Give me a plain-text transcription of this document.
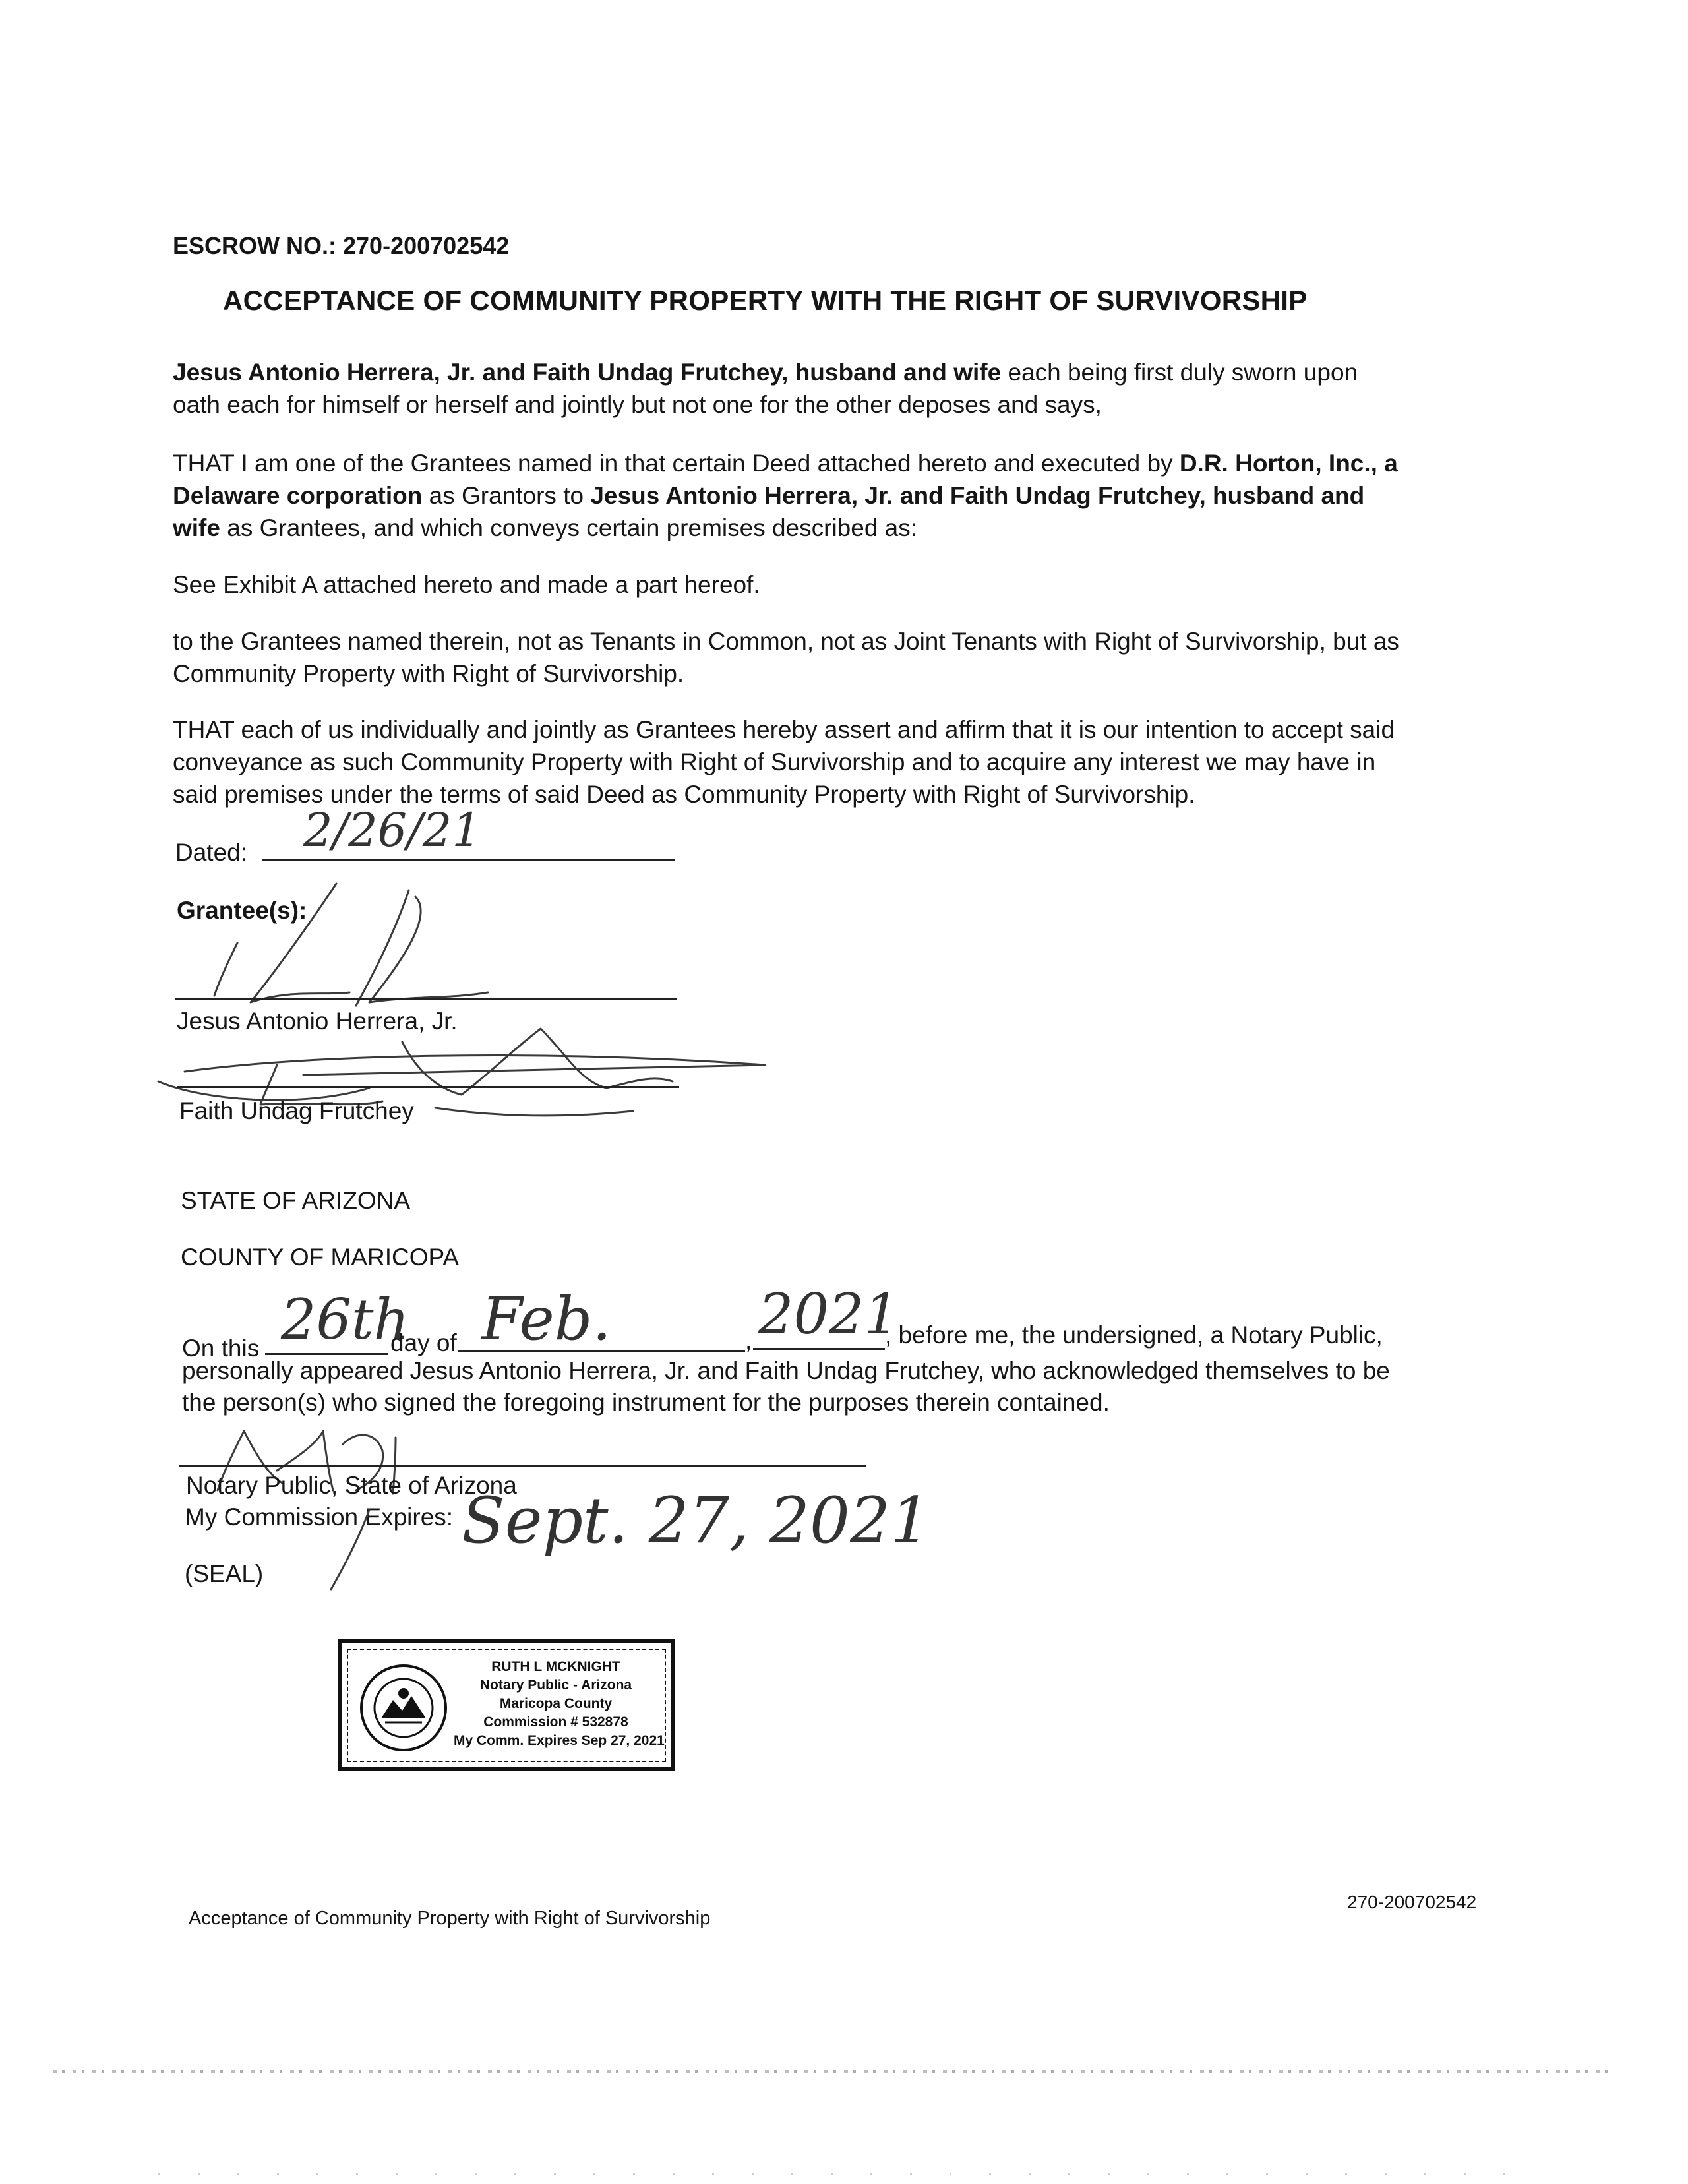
ESCROW NO.: 270-200702542
ACCEPTANCE OF COMMUNITY PROPERTY WITH THE RIGHT OF SURVIVORSHIP

Jesus Antonio Herrera, Jr. and Faith Undag Frutchey, husband and wife each being first duly sworn upon

oath each for himself or herself and jointly but not one for the other deposes and says,

THAT I am one of the Grantees named in that certain Deed attached hereto and executed by D.R. Horton, Inc., a

Delaware corporation as Grantors to Jesus Antonio Herrera, Jr. and Faith Undag Frutchey, husband and

wife as Grantees, and which conveys certain premises described as:

See Exhibit A attached hereto and made a part hereof.

to the Grantees named therein, not as Tenants in Common, not as Joint Tenants with Right of Survivorship, but as

Community Property with Right of Survivorship.

THAT each of us individually and jointly as Grantees hereby assert and affirm that it is our intention to accept said

conveyance as such Community Property with Right of Survivorship and to acquire any interest we may have in

said premises under the terms of said Deed as Community Property with Right of Survivorship.

Dated: 2/26/21
Grantee(s):
Jesus Antonio Herrera, Jr.
Faith Undag Frutchey
STATE OF ARIZONA
COUNTY OF MARICOPA
On this 26th
day of Feb.	, 2021
, before me, the undersigned, a Notary Public,
personally appeared Jesus Antonio Herrera, Jr. and Faith Undag Frutchey, who acknowledged themselves to be
the person(s) who signed the foregoing instrument for the purposes therein contained.
Notary Public, State of Arizona
My Commission Expires: Sept. 27, 2021
(SEAL)
RUTH L MCKNIGHT
Notary Public - Arizona
Maricopa County
Commission # 532878
My Comm. Expires Sep 27, 2021
Acceptance of Community Property with Right of Survivorship
270-200702542
